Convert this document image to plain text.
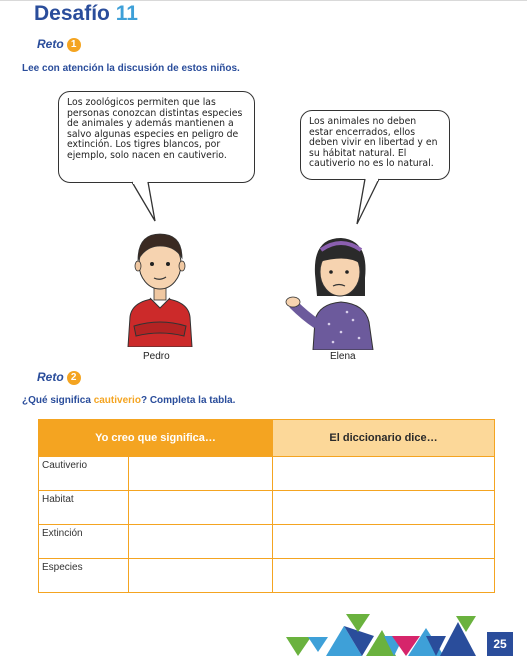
Desafío 11
Reto 1
Lee con atención la discusión de estos niños.
Los zoológicos permiten que las personas conozcan distintas especies de animales y además mantienen a salvo algunas especies en peligro de extinción. Los tigres blancos, por ejemplo, solo nacen en cautiverio.
Los animales no deben estar encerrados, ellos deben vivir en libertad y en su hábitat natural. El cautiverio no es lo natural.
Pedro	Elena
Reto 2
¿Qué significa cautiverio? Completa la tabla.
Yo creo que significa…		El diccionario dice…
Cautiverio		
Habitat		
Extinción		
Especies		
25
